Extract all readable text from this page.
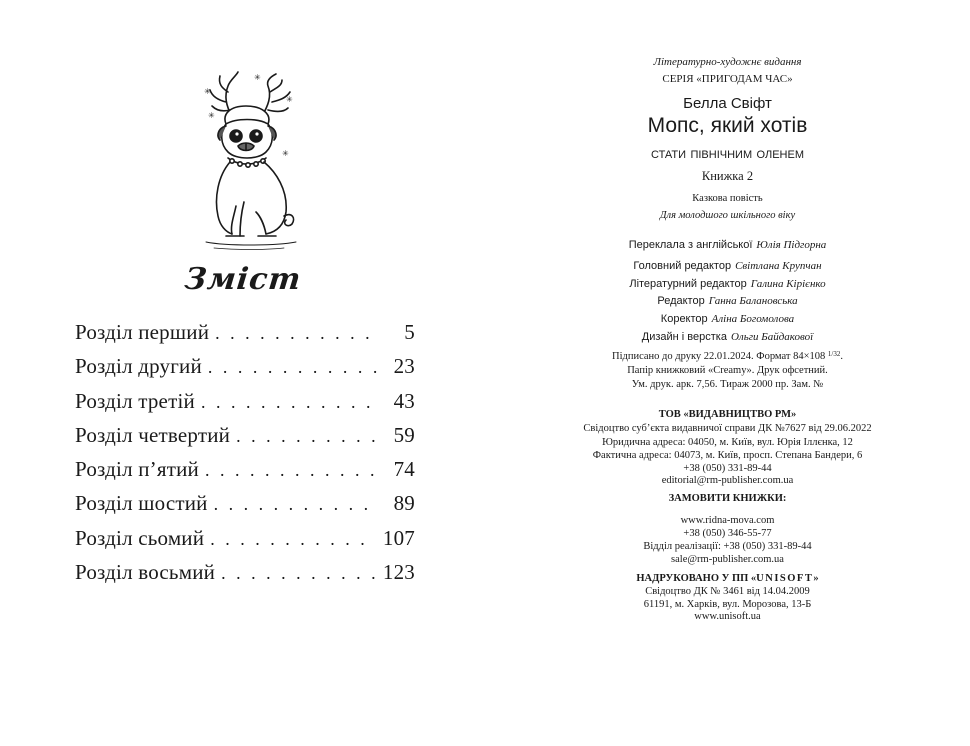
✳
✳
✳
✳
✳
Зміст
Розділ перший . . .	5
Розділ другий . . .	23
Розділ третій . . .	43
Розділ четвертий . . .	59
Розділ п’ятий . . .	74
Розділ шостий . . .	89
Розділ сьомий . . .	107
Розділ восьмий . . .	123
Літературно-художнє видання
СЕРІЯ «ПРИГОДАМ ЧАС»
Белла Свіфт
Мопс, який хотів
стати північним оленем
Книжка 2
Казкова повість
Для молодшого шкільного віку
Переклала з англійської Юлія Підгорна
Головний редактор Світлана Крупчан
Літературний редактор Галина Кірієнко
Редактор Ганна Балановська
Коректор Аліна Богомолова
Дизайн і верстка Ольги Байдакової
Підписано до друку 22.01.2024. Формат 84×108 1/32.
Папір книжковий «Creamy». Друк офсетний.
Ум. друк. арк. 7,56. Тираж 2000 пр. Зам. №
ТОВ «ВИДАВНИЦТВО РМ»
Свідоцтво суб’єкта видавничої справи ДК №7627 від 29.06.2022
Юридична адреса: 04050, м. Київ, вул. Юрія Іллєнка, 12
Фактична адреса: 04073, м. Київ, просп. Степана Бандери, 6
+38 (050) 331-89-44
editorial@rm-publisher.com.ua
ЗАМОВИТИ КНИЖКИ:
www.ridna-mova.com
+38 (050) 346-55-77
Відділ реалізації: +38 (050) 331-89-44
sale@rm-publisher.com.ua
НАДРУКОВАНО У ПП «UNISOFT»
Свідоцтво ДК № 3461 від 14.04.2009
61191, м. Харків, вул. Морозова, 13-Б
www.unisoft.ua
